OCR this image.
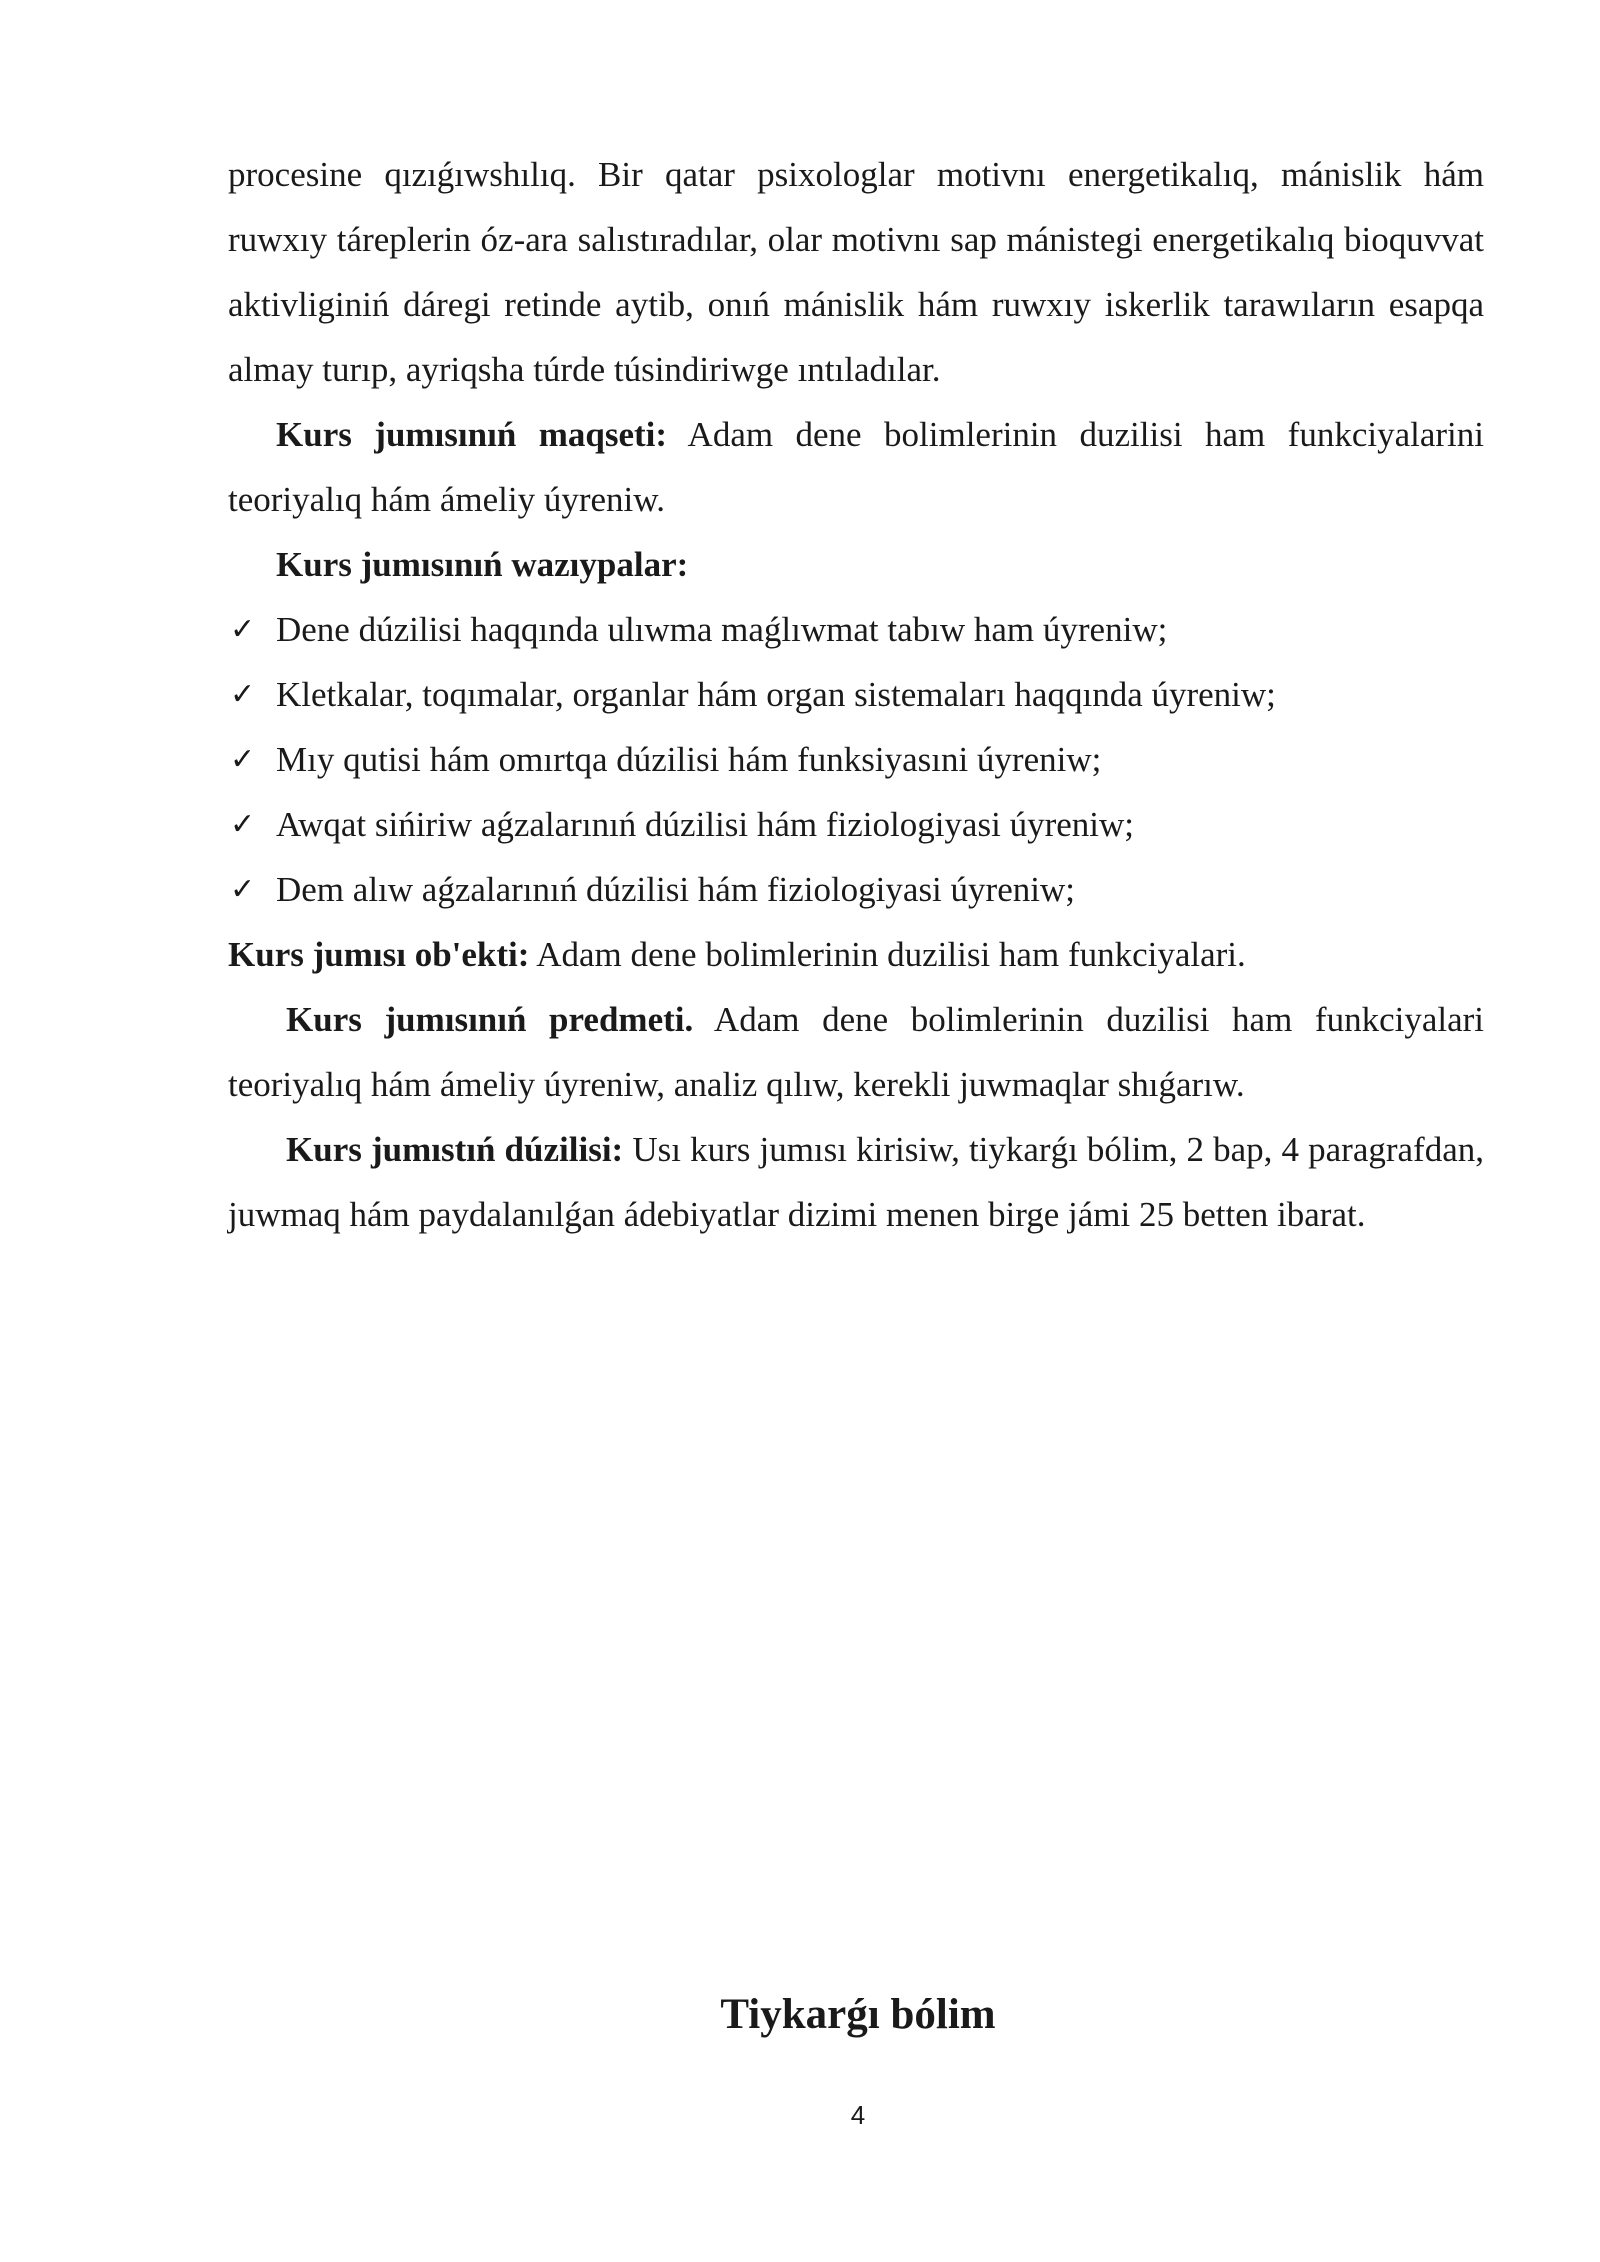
procesine qızıǵıwshılıq. Bir qatar psixologlar motivnı energetikalıq, mánislik hám ruwxıy táreplerin óz-ara salıstıradılar, olar motivnı sap mánistegi energetikalıq bioquvvat aktivliginiń dáregi retinde aytib, onıń mánislik hám ruwxıy iskerlik tarawıların esapqa almay turıp, ayriqsha túrde túsindiriwge ıntıladılar.

Kurs jumısınıń maqseti: Adam dene bolimlerinin duzilisi ham funkciyalarini teoriyalıq hám ámeliy úyreniw.

Kurs jumısınıń wazıypalar:

✓ Dene dúzilisi haqqında ulıwma maǵlıwmat tabıw ham úyreniw;
✓ Kletkalar, toqımalar, organlar hám organ sistemaları haqqında úyreniw;
✓ Mıy qutisi hám omırtqa dúzilisi hám funksiyasıni úyreniw;
✓ Awqat sińiriw aǵzalarınıń dúzilisi hám fiziologiyasi úyreniw;
✓ Dem alıw aǵzalarınıń dúzilisi hám fiziologiyasi úyreniw;

Kurs jumısı ob'ekti: Adam dene bolimlerinin duzilisi ham funkciyalari.

Kurs jumısınıń predmeti. Adam dene bolimlerinin duzilisi ham funkciyalari teoriyalıq hám ámeliy úyreniw, analiz qılıw, kerekli juwmaqlar shıǵarıw.

Kurs jumıstıń dúzilisi: Usı kurs jumısı kirisiw, tiykarǵı bólim, 2 bap, 4 paragrafdan, juwmaq hám paydalanılǵan ádebiyatlar dizimi menen birge jámi 25 betten ibarat.

Tiykarǵı bólim
4
